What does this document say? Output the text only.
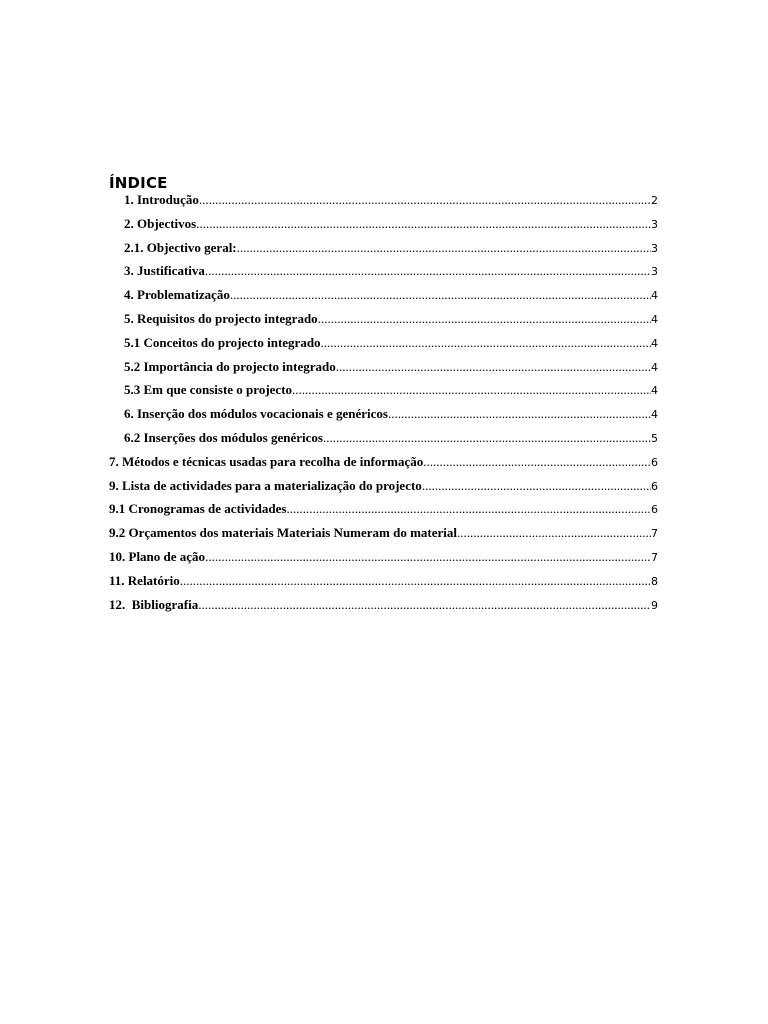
ÍNDICE
1. Introdução .....	2
2. Objectivos .....	3
2.1. Objectivo geral: .....	3
3. Justificativa .....	3
4. Problematização .....	4
5. Requisitos do projecto integrado .....	4
5.1 Conceitos do projecto integrado .....	4
5.2 Importância do projecto integrado .....	4
5.3 Em que consiste o projecto .....	4
6. Inserção dos módulos vocacionais e genéricos .....	4
6.2 Inserções dos módulos genéricos .....	5
7. Métodos e técnicas usadas para recolha de informação .....	6
9. Lista de actividades para a materialização do projecto .....	6
9.1 Cronogramas de actividades .....	6
9.2 Orçamentos dos materiais Materiais Numeram do material .....	7
10. Plano de ação .....	7
11. Relatório .....	8
12.  Bibliografia .....	9
